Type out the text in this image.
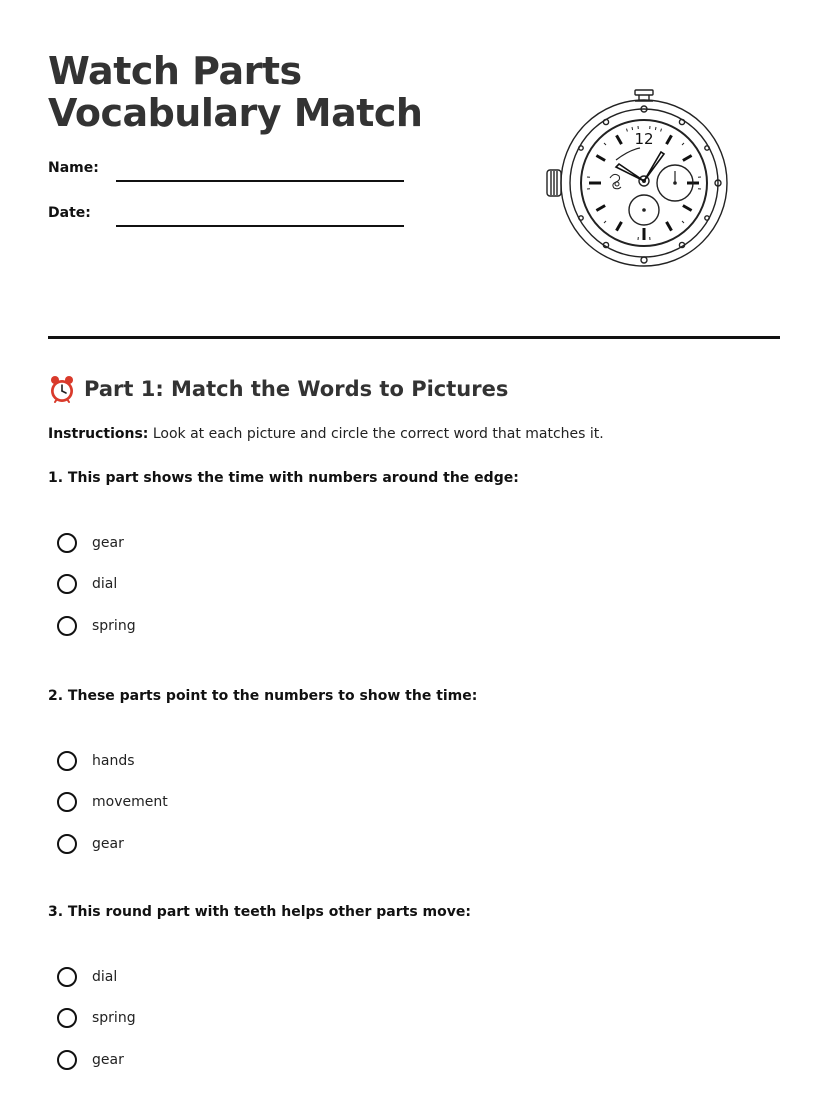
Watch Parts Vocabulary Match
Name:
Date:
12
Part 1: Match the Words to Pictures
Instructions: Look at each picture and circle the correct word that matches it.

1. This part shows the time with numbers around the edge:

gear
dial
spring

2. These parts point to the numbers to show the time:

hands
movement
gear

3. This round part with teeth helps other parts move:

dial
spring
gear
